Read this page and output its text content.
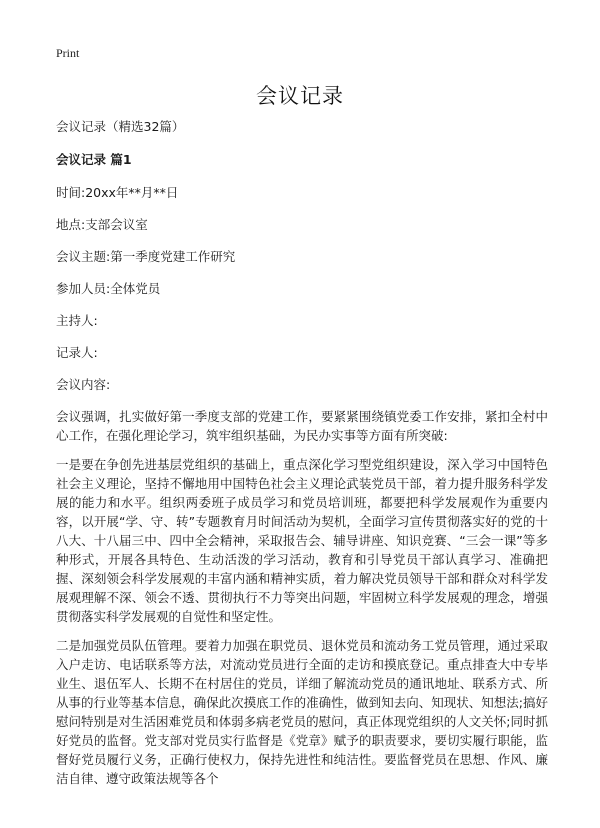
Print
会议记录

会议记录（精选32篇）

会议记录 篇1

时间:20xx年**月**日

地点:支部会议室

会议主题:第一季度党建工作研究

参加人员:全体党员

主持人:

记录人:

会议内容:

会议强调，扎实做好第一季度支部的党建工作，要紧紧围绕镇党委工作安排，紧扣全村中心工作，在强化理论学习，筑牢组织基础，为民办实事等方面有所突破:

一是要在争创先进基层党组织的基础上，重点深化学习型党组织建设，深入学习中国特色社会主义理论，坚持不懈地用中国特色社会主义理论武装党员干部，着力提升服务科学发展的能力和水平。组织两委班子成员学习和党员培训班，都要把科学发展观作为重要内容，以开展“学、守、转”专题教育月时间活动为契机，全面学习宣传贯彻落实好的党的十八大、十八届三中、四中全会精神，采取报告会、辅导讲座、知识竞赛、“三会一课”等多种形式，开展各具特色、生动活泼的学习活动，教育和引导党员干部认真学习、准确把握、深刻领会科学发展观的丰富内涵和精神实质，着力解决党员领导干部和群众对科学发展观理解不深、领会不透、贯彻执行不力等突出问题，牢固树立科学发展观的理念，增强贯彻落实科学发展观的自觉性和坚定性。

二是加强党员队伍管理。要着力加强在职党员、退休党员和流动务工党员管理，通过采取入户走访、电话联系等方法，对流动党员进行全面的走访和摸底登记。重点排查大中专毕业生、退伍军人、长期不在村居住的党员，详细了解流动党员的通讯地址、联系方式、所从事的行业等基本信息，确保此次摸底工作的准确性，做到知去向、知现状、知想法;搞好慰问特别是对生活困难党员和体弱多病老党员的慰问，真正体现党组织的人文关怀;同时抓好党员的监督。党支部对党员实行监督是《党章》赋予的职责要求，要切实履行职能，监督好党员履行义务，正确行使权力，保持先进性和纯洁性。要监督党员在思想、作风、廉洁自律、遵守政策法规等各个
